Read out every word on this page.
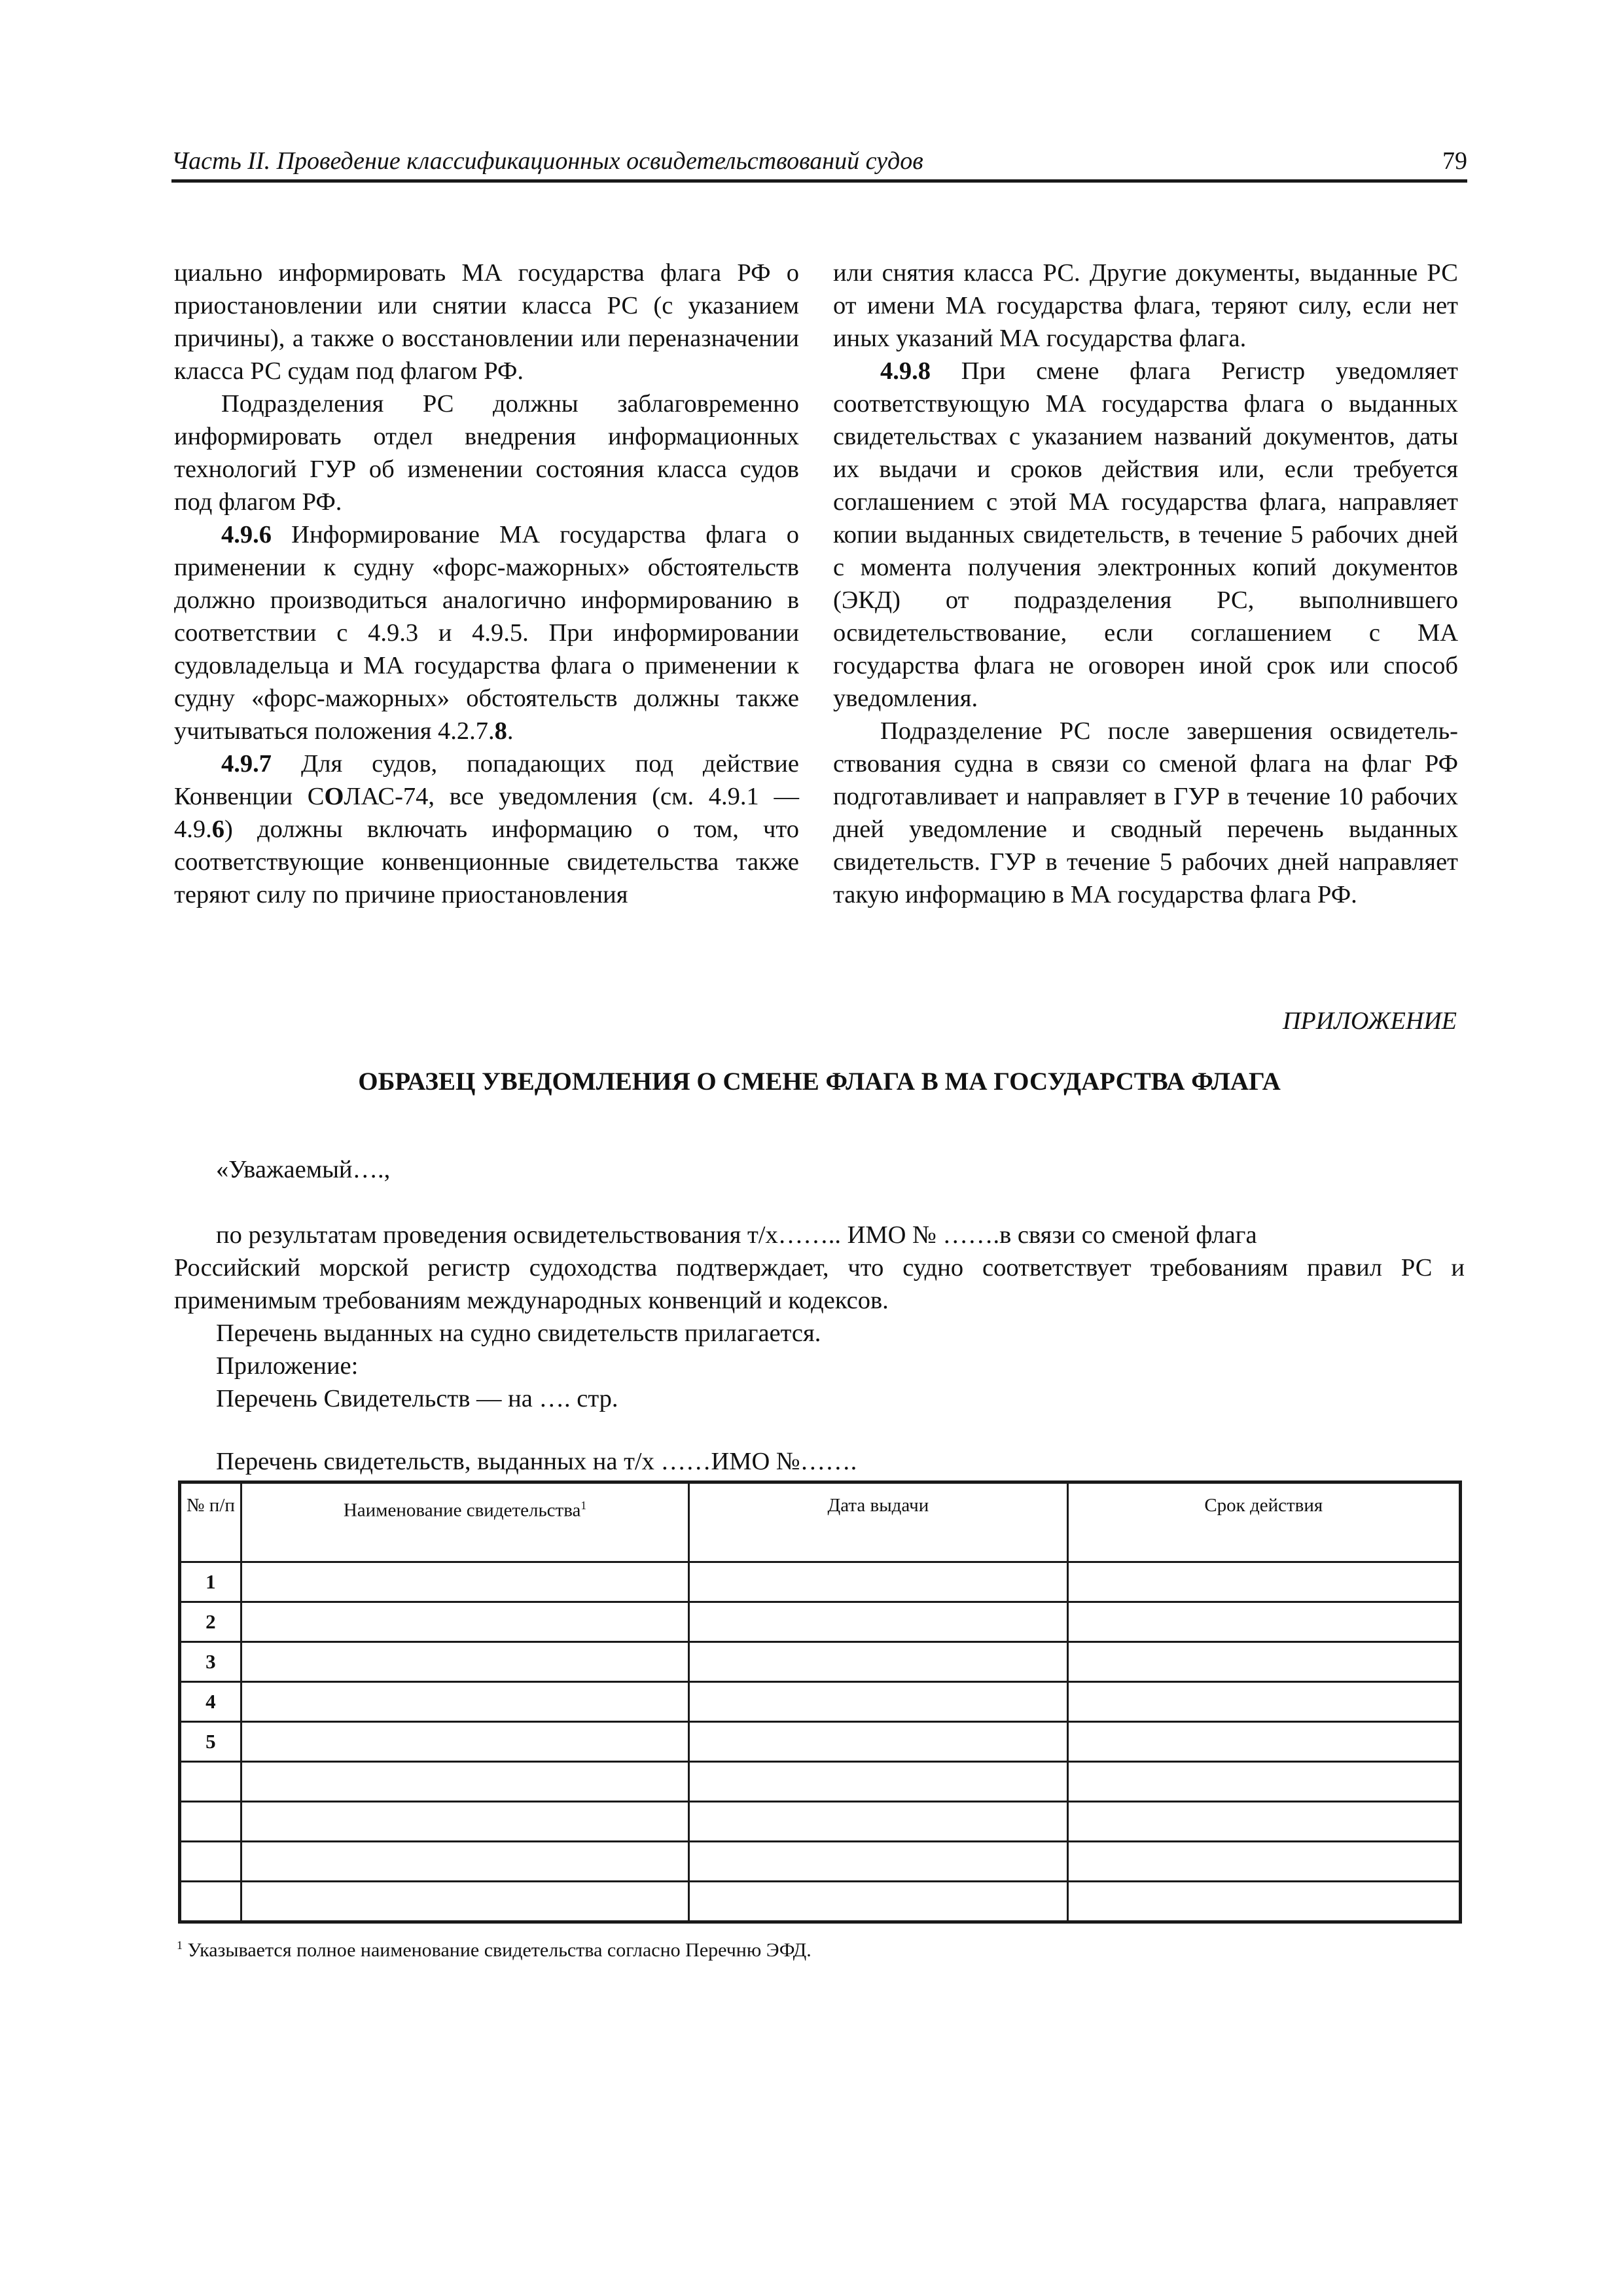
Часть II. Проведение классификационных освидетельствований судов	79

циально информировать МА государства флага РФ о приостановлении или снятии класса РС (с указанием причины), а также о восстановлении или переназначении класса РС судам под флагом РФ.

Подразделения РС должны заблаговременно информировать отдел внедрения информационных технологий ГУР об изменении состояния класса судов под флагом РФ.

4.9.6 Информирование МА государства флага о применении к судну «форс-мажорных» обстоятельств должно производиться аналогично информированию в соответствии с 4.9.3 и 4.9.5. При информировании судовладельца и МА государства флага о применении к судну «форс-мажорных» обстоятельств должны также учитываться положения 4.2.7.8.

4.9.7 Для судов, попадающих под действие Конвенции СОЛАС-74, все уведомления (см. 4.9.1 — 4.9.6) должны включать информацию о том, что соответствующие конвенционные свидетельства также теряют силу по причине приостановления

или снятия класса РС. Другие документы, выданные РС от имени МА государства флага, теряют силу, если нет иных указаний МА государства флага.

4.9.8 При смене флага Регистр уведомляет соответствующую МА государства флага о выданных свидетельствах с указанием названий документов, даты их выдачи и сроков действия или, если требуется соглашением с этой МА государства флага, направляет копии выданных свидетельств, в течение 5 рабочих дней с момента получения электронных копий документов (ЭКД) от подразделения РС, выполнившего освидетельствование, если соглашением с МА государства флага не оговорен иной срок или способ уведомления.

Подразделение РС после завершения освидетельствования судна в связи со сменой флага на флаг РФ подготавливает и направляет в ГУР в течение 10 рабочих дней уведомление и сводный перечень выданных свидетельств. ГУР в течение 5 рабочих дней направляет такую информацию в МА государства флага РФ.

ПРИЛОЖЕНИЕ
ОБРАЗЕЦ УВЕДОМЛЕНИЯ О СМЕНЕ ФЛАГА В МА ГОСУДАРСТВА ФЛАГА
«Уважаемый….,
по результатам проведения освидетельствования т/х…….. ИМО № …….в связи со сменой флага
Российский морской регистр судоходства подтверждает, что судно соответствует требованиям правил РС и применимым требованиям международных конвенций и кодексов.
Перечень выданных на судно свидетельств прилагается.
Приложение:
Перечень Свидетельств — на …. стр.
Перечень свидетельств, выданных на т/х ……ИМО №…….
№ п/п	Наименование свидетельства$^1$	Дата выдачи	Срок действия
1			
2			
3			
4			
5			

$^1$ Указывается полное наименование свидетельства согласно Перечню ЭФД.
